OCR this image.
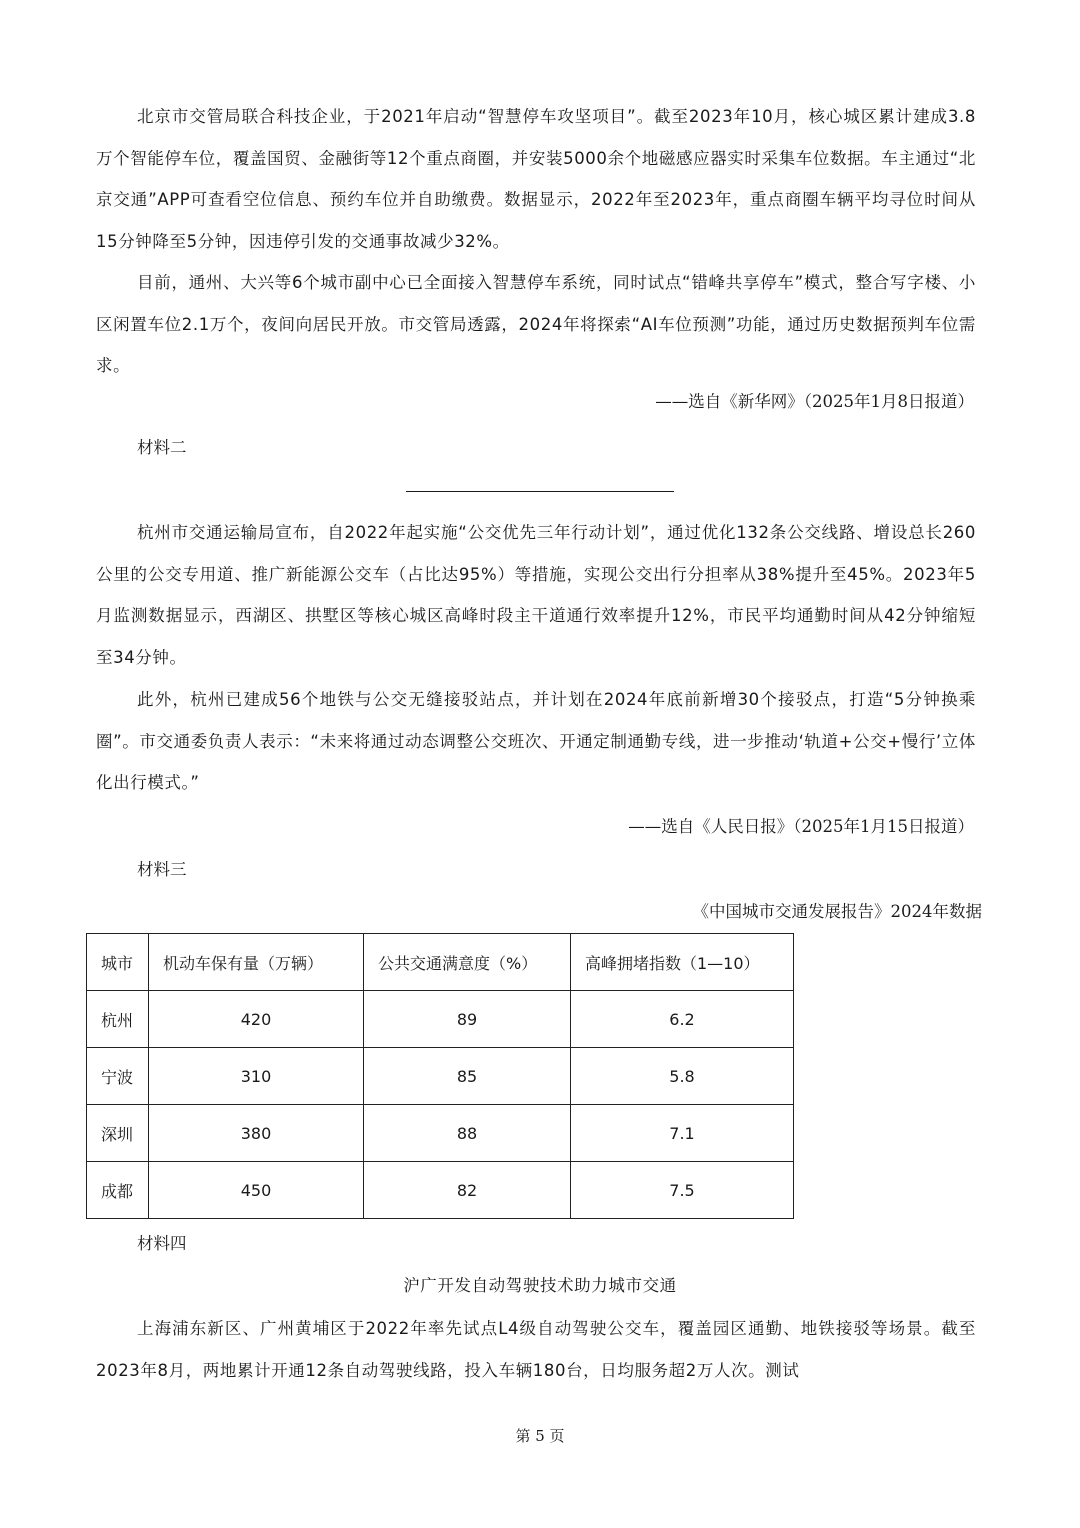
北京市交管局联合科技企业，于2021年启动“智慧停车攻坚项目”。截至2023年10月，核心城区累计建成3.8万个智能停车位，覆盖国贸、金融街等12个重点商圈，并安装5000余个地磁感应器实时采集车位数据。车主通过“北京交通”APP可查看空位信息、预约车位并自助缴费。数据显示，2022年至2023年，重点商圈车辆平均寻位时间从15分钟降至5分钟，因违停引发的交通事故减少32%。

目前，通州、大兴等6个城市副中心已全面接入智慧停车系统，同时试点“错峰共享停车”模式，整合写字楼、小区闲置车位2.1万个，夜间向居民开放。市交管局透露，2024年将探索“AI车位预测”功能，通过历史数据预判车位需求。

——选自《新华网》（2025年1月8日报道）
材料二

杭州市交通运输局宣布，自2022年起实施“公交优先三年行动计划”，通过优化132条公交线路、增设总长260公里的公交专用道、推广新能源公交车（占比达95%）等措施，实现公交出行分担率从38%提升至45%。2023年5月监测数据显示，西湖区、拱墅区等核心城区高峰时段主干道通行效率提升12%，市民平均通勤时间从42分钟缩短至34分钟。

此外，杭州已建成56个地铁与公交无缝接驳站点，并计划在2024年底前新增30个接驳点，打造“5分钟换乘圈”。市交通委负责人表示：“未来将通过动态调整公交班次、开通定制通勤专线，进一步推动‘轨道+公交+慢行’立体化出行模式。”

——选自《人民日报》（2025年1月15日报道）
材料三
《中国城市交通发展报告》2024年数据
城市	机动车保有量（万辆）	公共交通满意度（%）	高峰拥堵指数（1—10）
杭州	420	89	6.2
宁波	310	85	5.8
深圳	380	88	7.1
成都	450	82	7.5
材料四
沪广开发自动驾驶技术助力城市交通

上海浦东新区、广州黄埔区于2022年率先试点L4级自动驾驶公交车，覆盖园区通勤、地铁接驳等场景。截至2023年8月，两地累计开通12条自动驾驶线路，投入车辆180台，日均服务超2万人次。测试

第 5 页
